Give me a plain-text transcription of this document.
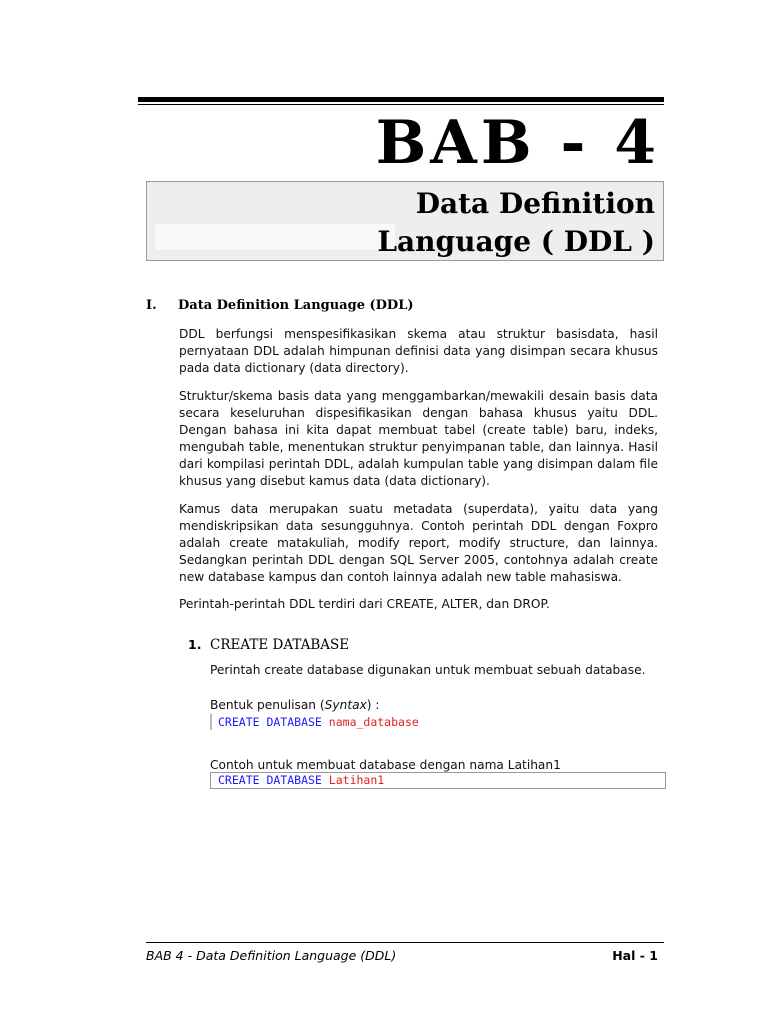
BAB - 4
Data Definition
Language ( DDL )
I. Data Definition Language (DDL)

DDL berfungsi menspesifikasikan skema atau struktur basisdata, hasil pernyataan DDL adalah himpunan definisi data yang disimpan secara khusus pada data dictionary (data directory).

Struktur/skema basis data yang menggambarkan/mewakili desain basis data secara keseluruhan dispesifikasikan dengan bahasa khusus yaitu DDL. Dengan bahasa ini kita dapat membuat tabel (create table) baru, indeks, mengubah table, menentukan struktur penyimpanan table, dan lainnya. Hasil dari kompilasi perintah DDL, adalah kumpulan table yang disimpan dalam file khusus yang disebut kamus data (data dictionary).

Kamus data merupakan suatu metadata (superdata), yaitu data yang mendiskripsikan data sesungguhnya. Contoh perintah DDL dengan Foxpro adalah create matakuliah, modify report, modify structure, dan lainnya. Sedangkan perintah DDL dengan SQL Server 2005, contohnya adalah create new database kampus dan contoh lainnya adalah new table mahasiswa.

Perintah-perintah DDL terdiri dari CREATE, ALTER, dan DROP.

1. CREATE DATABASE

Perintah create database digunakan untuk membuat sebuah database.

Bentuk penulisan (Syntax) :

CREATE DATABASE nama_database

Contoh untuk membuat database dengan nama Latihan1

CREATE DATABASE Latihan1
BAB 4 - Data Definition Language (DDL)	Hal - 1
